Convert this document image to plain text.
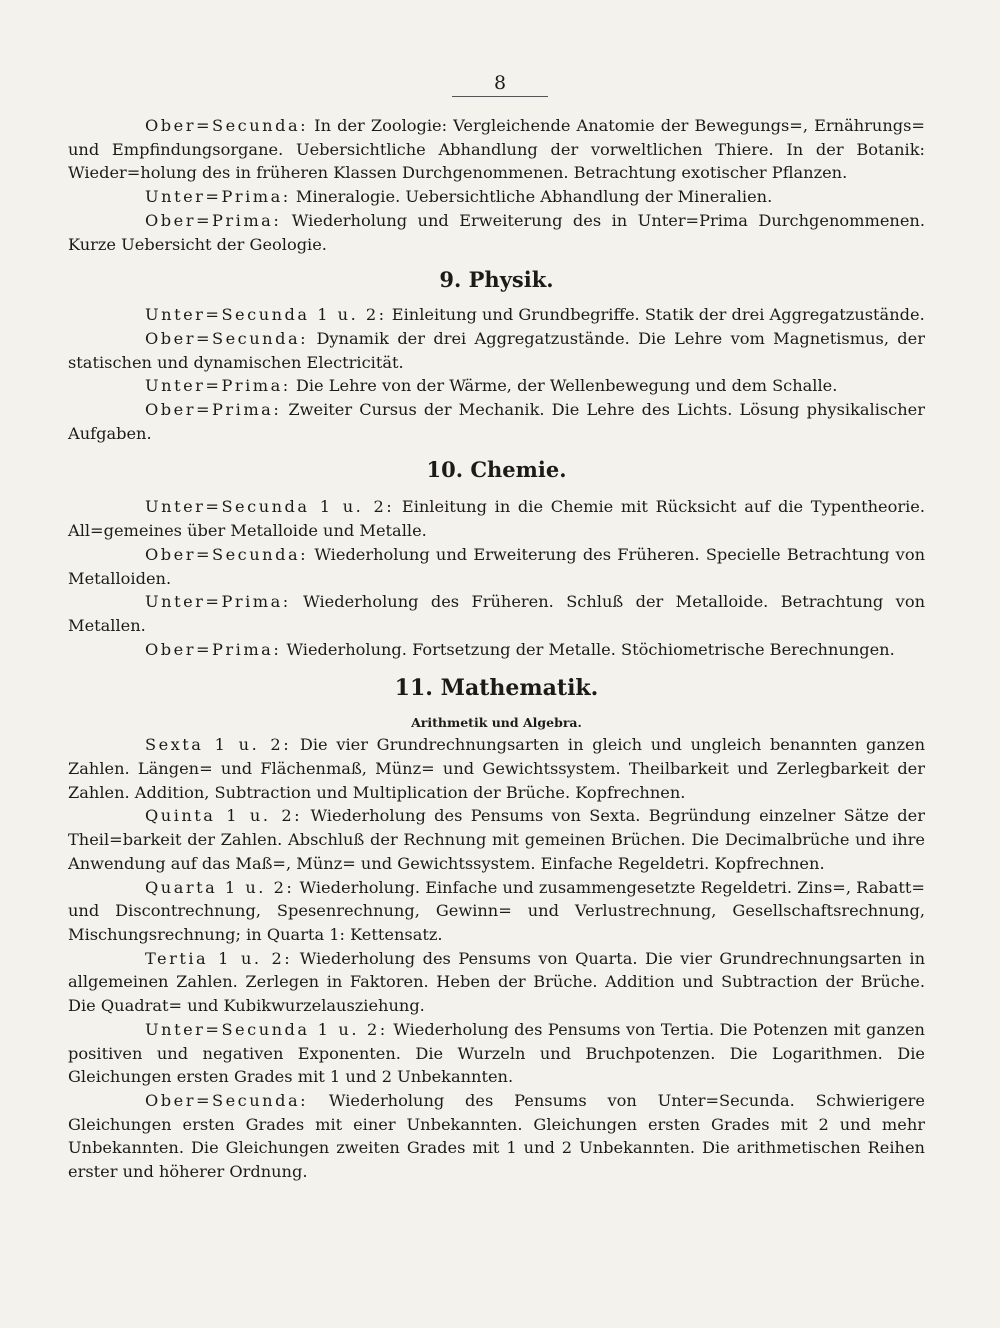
8

Ober=Secunda: In der Zoologie: Vergleichende Anatomie der Bewegungs=, Ernährungs= und Empfindungsorgane. Uebersichtliche Abhandlung der vorweltlichen Thiere. In der Botanik: Wieder=holung des in früheren Klassen Durchgenommenen. Betrachtung exotischer Pflanzen.

Unter=Prima: Mineralogie. Uebersichtliche Abhandlung der Mineralien.

Ober=Prima: Wiederholung und Erweiterung des in Unter=Prima Durchgenommenen. Kurze Uebersicht der Geologie.

9. Physik.

Unter=Secunda 1 u. 2: Einleitung und Grundbegriffe. Statik der drei Aggregatzustände.

Ober=Secunda: Dynamik der drei Aggregatzustände. Die Lehre vom Magnetismus, der statischen und dynamischen Electricität.

Unter=Prima: Die Lehre von der Wärme, der Wellenbewegung und dem Schalle.

Ober=Prima: Zweiter Cursus der Mechanik. Die Lehre des Lichts. Lösung physikalischer Aufgaben.

10. Chemie.

Unter=Secunda 1 u. 2: Einleitung in die Chemie mit Rücksicht auf die Typentheorie. All=gemeines über Metalloide und Metalle.

Ober=Secunda: Wiederholung und Erweiterung des Früheren. Specielle Betrachtung von Metalloiden.

Unter=Prima: Wiederholung des Früheren. Schluß der Metalloide. Betrachtung von Metallen.

Ober=Prima: Wiederholung. Fortsetzung der Metalle. Stöchiometrische Berechnungen.

11. Mathematik.

Arithmetik und Algebra.

Sexta 1 u. 2: Die vier Grundrechnungsarten in gleich und ungleich benannten ganzen Zahlen. Längen= und Flächenmaß, Münz= und Gewichtssystem. Theilbarkeit und Zerlegbarkeit der Zahlen. Addition, Subtraction und Multiplication der Brüche. Kopfrechnen.

Quinta 1 u. 2: Wiederholung des Pensums von Sexta. Begründung einzelner Sätze der Theil=barkeit der Zahlen. Abschluß der Rechnung mit gemeinen Brüchen. Die Decimalbrüche und ihre Anwendung auf das Maß=, Münz= und Gewichtssystem. Einfache Regeldetri. Kopfrechnen.

Quarta 1 u. 2: Wiederholung. Einfache und zusammengesetzte Regeldetri. Zins=, Rabatt= und Discontrechnung, Spesenrechnung, Gewinn= und Verlustrechnung, Gesellschaftsrechnung, Mischungsrechnung; in Quarta 1: Kettensatz.

Tertia 1 u. 2: Wiederholung des Pensums von Quarta. Die vier Grundrechnungsarten in allgemeinen Zahlen. Zerlegen in Faktoren. Heben der Brüche. Addition und Subtraction der Brüche. Die Quadrat= und Kubikwurzelausziehung.

Unter=Secunda 1 u. 2: Wiederholung des Pensums von Tertia. Die Potenzen mit ganzen positiven und negativen Exponenten. Die Wurzeln und Bruchpotenzen. Die Logarithmen. Die Gleichungen ersten Grades mit 1 und 2 Unbekannten.

Ober=Secunda: Wiederholung des Pensums von Unter=Secunda. Schwierigere Gleichungen ersten Grades mit einer Unbekannten. Gleichungen ersten Grades mit 2 und mehr Unbekannten. Die Gleichungen zweiten Grades mit 1 und 2 Unbekannten. Die arithmetischen Reihen erster und höherer Ordnung.
